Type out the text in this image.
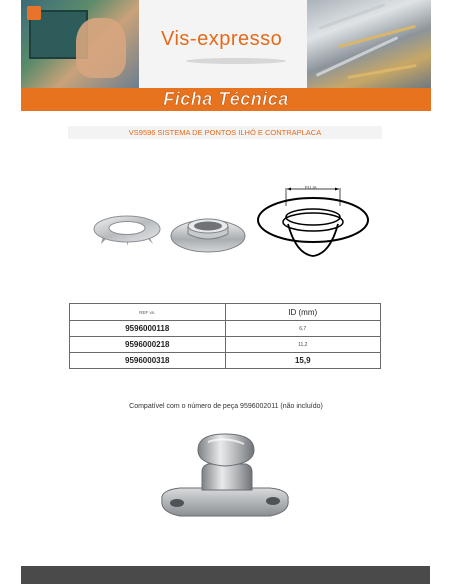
Vis-expresso
Ficha Técnica
VS9596 SISTEMA DE PONTOS ILHÓ E CONTRAPLACA
EU IA
REF vs.	ID (mm)
9596000118	6,7
9596000218	11,2
9596000318	15,9
Compatível com o número de peça 9596002011 (não incluído)
